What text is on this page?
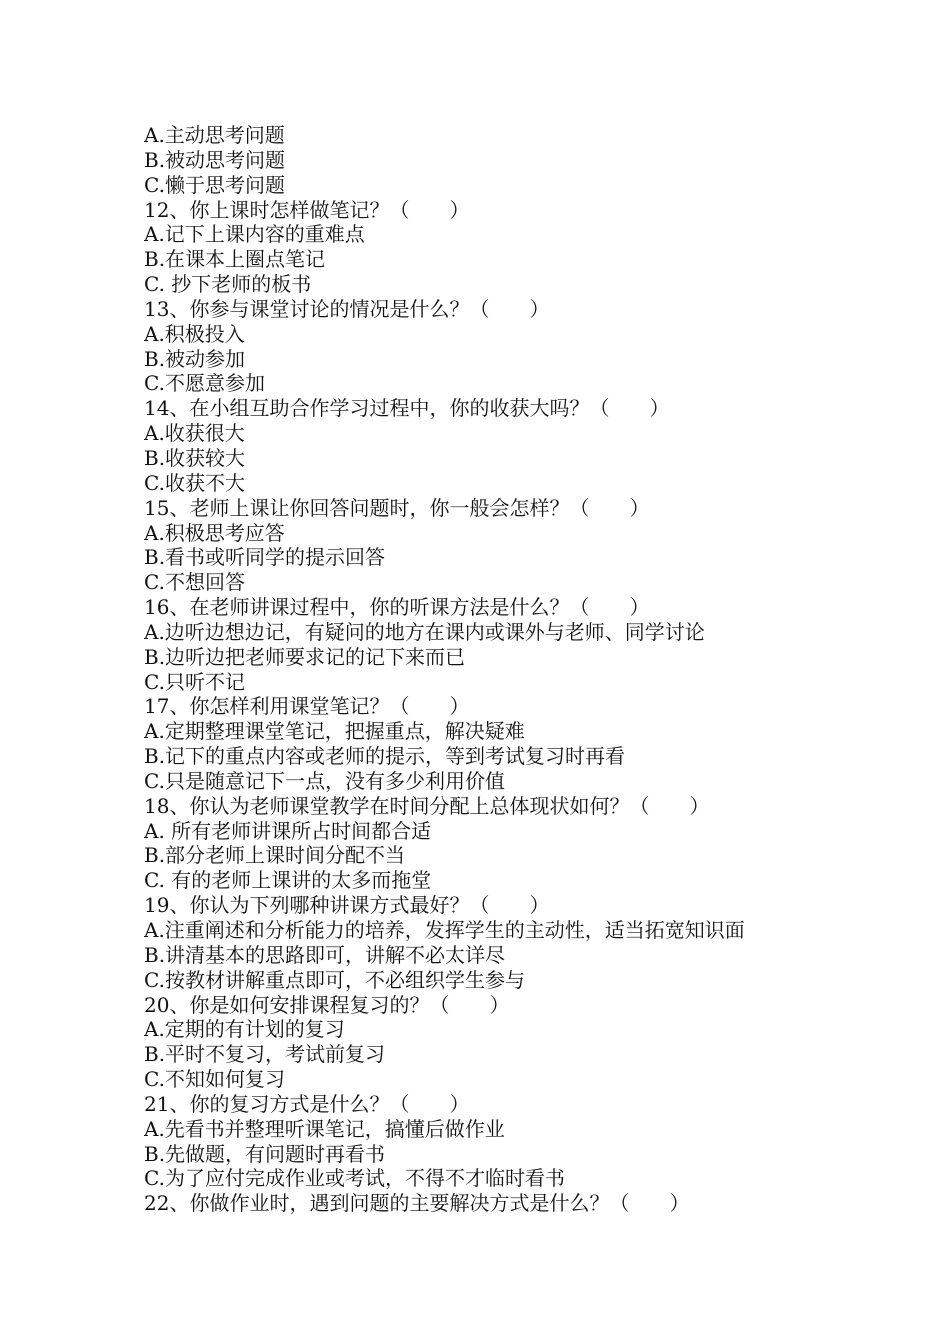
A.主动思考问题
B.被动思考问题
C.懒于思考问题
12、你上课时怎样做笔记？（　　）
A.记下上课内容的重难点
B.在课本上圈点笔记
C. 抄下老师的板书
13、你参与课堂讨论的情况是什么？（　　）
A.积极投入
B.被动参加
C.不愿意参加
14、在小组互助合作学习过程中，你的收获大吗？（　　）
A.收获很大
B.收获较大
C.收获不大
15、老师上课让你回答问题时，你一般会怎样？（　　）
A.积极思考应答
B.看书或听同学的提示回答
C.不想回答
16、在老师讲课过程中，你的听课方法是什么？（　　）
A.边听边想边记，有疑问的地方在课内或课外与老师、同学讨论
B.边听边把老师要求记的记下来而已
C.只听不记
17、你怎样利用课堂笔记？（　　）
A.定期整理课堂笔记，把握重点，解决疑难
B.记下的重点内容或老师的提示，等到考试复习时再看
C.只是随意记下一点，没有多少利用价值
18、你认为老师课堂教学在时间分配上总体现状如何？（　　）
A. 所有老师讲课所占时间都合适
B.部分老师上课时间分配不当
C. 有的老师上课讲的太多而拖堂
19、你认为下列哪种讲课方式最好？（　　）
A.注重阐述和分析能力的培养，发挥学生的主动性，适当拓宽知识面
B.讲清基本的思路即可，讲解不必太详尽
C.按教材讲解重点即可，不必组织学生参与
20、你是如何安排课程复习的？（　　）
A.定期的有计划的复习
B.平时不复习，考试前复习
C.不知如何复习
21、你的复习方式是什么？（　　）
A.先看书并整理听课笔记，搞懂后做作业
B.先做题，有问题时再看书
C.为了应付完成作业或考试，不得不才临时看书
22、你做作业时，遇到问题的主要解决方式是什么？（　　）
